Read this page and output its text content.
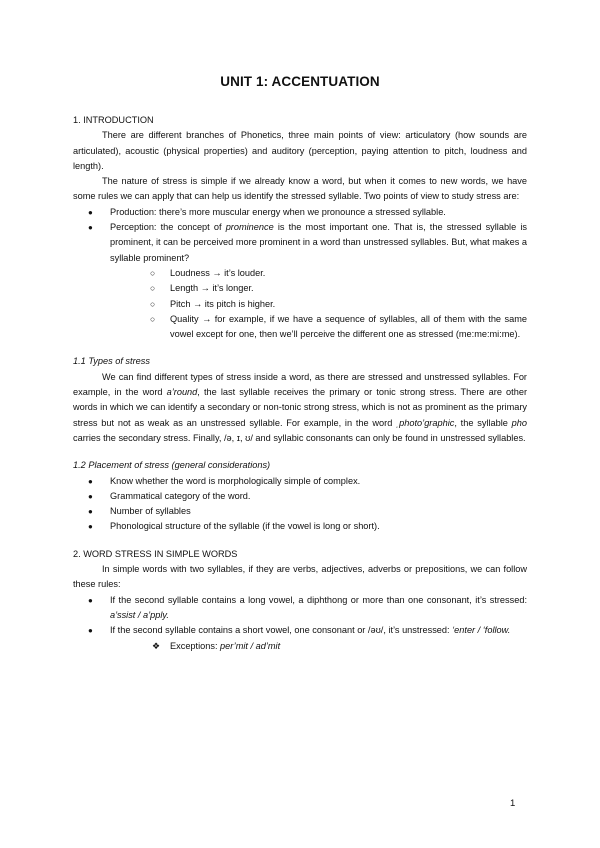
UNIT 1: ACCENTUATION

1. INTRODUCTION

There are different branches of Phonetics, three main points of view: articulatory (how sounds are articulated), acoustic (physical properties) and auditory (perception, paying attention to pitch, loudness and length).

The nature of stress is simple if we already know a word, but when it comes to new words, we have some rules we can apply that can help us identify the stressed syllable. Two points of view to study stress are:

● Production: there’s more muscular energy when we pronounce a stressed syllable.
● Perception: the concept of prominence is the most important one. That is, the stressed syllable is prominent, it can be perceived more prominent in a word than unstressed syllables. But, what makes a syllable prominent?
○ Loudness → it’s louder.
○ Length → it’s longer.
○ Pitch → its pitch is higher.
○ Quality → for example, if we have a sequence of syllables, all of them with the same vowel except for one, then we’ll perceive the different one as stressed (me:me:mi:me).

1.1 Types of stress

We can find different types of stress inside a word, as there are stressed and unstressed syllables. For example, in the word a’round, the last syllable receives the primary or tonic strong stress. There are other words in which we can identify a secondary or non-tonic strong stress, which is not as prominent as the primary stress but not as weak as an unstressed syllable. For example, in the word ˌphoto’graphic, the syllable pho carries the secondary stress. Finally, /ə, ɪ, ʊ/ and syllabic consonants can only be found in unstressed syllables.

1.2 Placement of stress (general considerations)

● Know whether the word is morphologically simple of complex.
● Grammatical category of the word.
● Number of syllables
● Phonological structure of the syllable (if the vowel is long or short).

2. WORD STRESS IN SIMPLE WORDS

In simple words with two syllables, if they are verbs, adjectives, adverbs or prepositions, we can follow these rules:

● If the second syllable contains a long vowel, a diphthong or more than one consonant, it’s stressed: a’ssist / a’pply.
● If the second syllable contains a short vowel, one consonant or /əʊ/, it’s unstressed: ‘enter / ‘follow.
❖ Exceptions: per’mit / ad’mit
1
